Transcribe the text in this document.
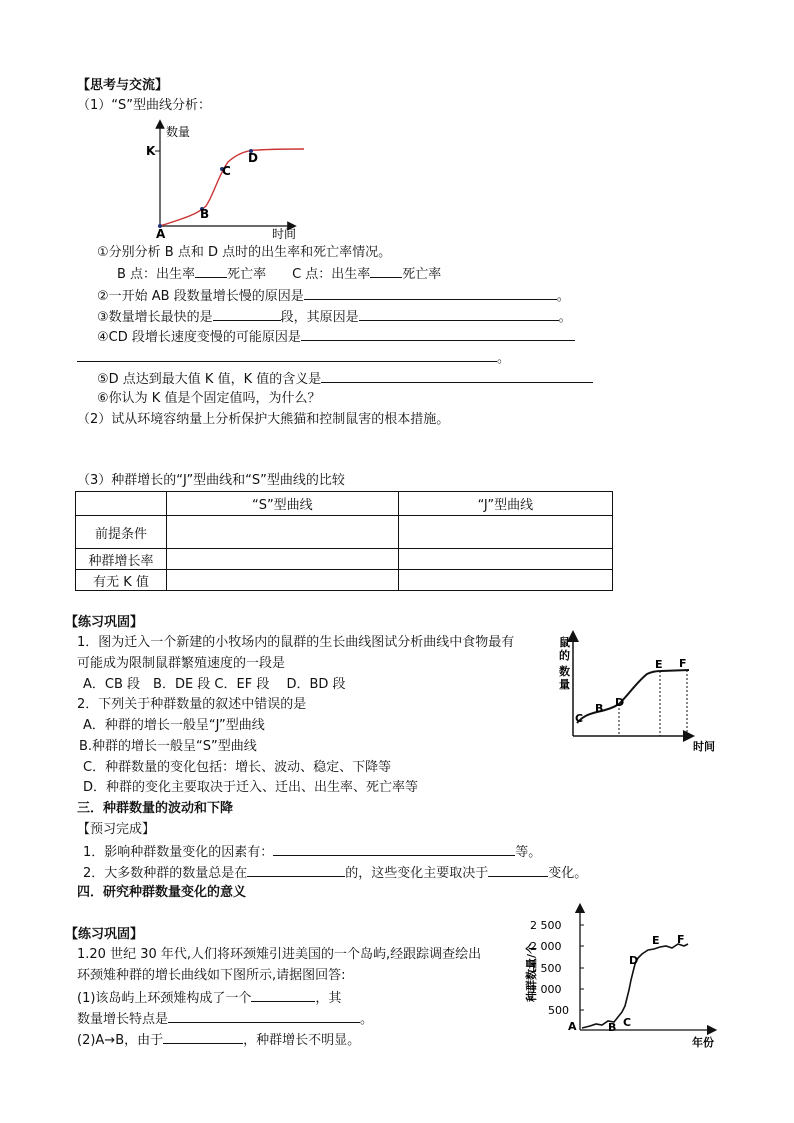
【思考与交流】
（1）“S”型曲线分析：
数量
K
A
B
C
D
时间
①分别分析 B 点和 D 点时的出生率和死亡率情况。
B 点：出生率 死亡率 C 点：出生率 死亡率
②一开始 AB 段数量增长慢的原因是	。
③数量增长最快的是	段，其原因是	。
④CD 段增长速度变慢的可能原因是
。
⑤D 点达到最大值 K 值，K 值的含义是
⑥你认为 K 值是个固定值吗，为什么？
（2）试从环境容纳量上分析保护大熊猫和控制鼠害的根本措施。
（3）种群增长的“J”型曲线和“S”型曲线的比较
	“S”型曲线	“J”型曲线
前提条件		
种群增长率		
有无 K 值		
【练习巩固】
1．图为迁入一个新建的小牧场内的鼠群的生长曲线图试分析曲线中食物最有
可能成为限制鼠群繁殖速度的一段是
A．CB 段　B．DE 段 C．EF 段　 D．BD 段
2．下列关于种群数量的叙述中错误的是
A．种群的增长一般呈“J”型曲线
B.种群的增长一般呈“S”型曲线
C．种群数量的变化包括：增长、波动、稳定、下降等
D．种群的变化主要取决于迁入、迁出、出生率、死亡率等
鼠
的
数
量
C
B D
E F
时间
三．种群数量的波动和下降
【预习完成】
1．影响种群数量变化的因素有：	等。
2．大多数种群的数量总是在	的，这些变化主要取决于	变化。
四．研究种群数量变化的意义
【练习巩固】
1.20 世纪 30 年代,人们将环颈雉引进美国的一个岛屿,经跟踪调查绘出
环颈雉种群的增长曲线如下图所示,请据图回答:
(1)该岛屿上环颈雉构成了一个	，其
数量增长特点是	。
(2)A→B，由于	，种群增长不明显。
2 500
2 000
1 500
1 000
500
种群数量/个
A	B C
D
E F
年份
